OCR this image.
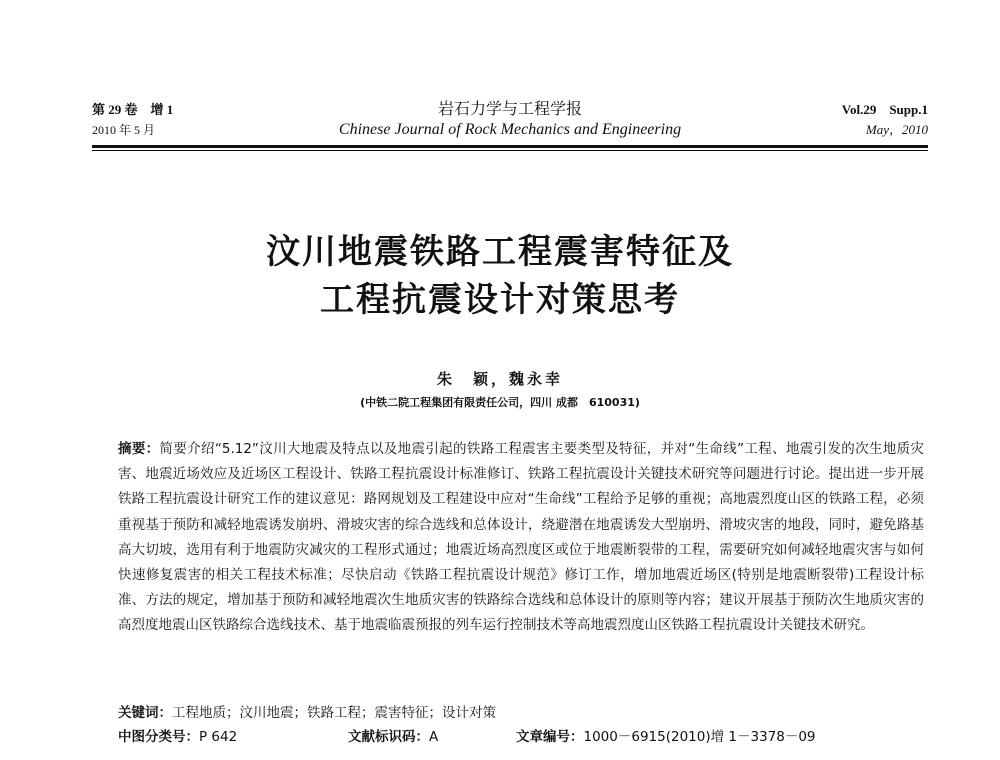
第 29 卷　增 1
2010 年 5 月
岩石力学与工程学报
Chinese Journal of Rock Mechanics and Engineering
Vol.29　Supp.1
May，2010
汶川地震铁路工程震害特征及
工程抗震设计对策思考
朱　颖，魏永幸
(中铁二院工程集团有限责任公司，四川 成都　610031)
摘要：简要介绍“5.12”汶川大地震及特点以及地震引起的铁路工程震害主要类型及特征，并对“生命线”工程、地震引发的次生地质灾害、地震近场效应及近场区工程设计、铁路工程抗震设计标准修订、铁路工程抗震设计关键技术研究等问题进行讨论。提出进一步开展铁路工程抗震设计研究工作的建议意见：路网规划及工程建设中应对“生命线”工程给予足够的重视；高地震烈度山区的铁路工程，必须重视基于预防和减轻地震诱发崩坍、滑坡灾害的综合选线和总体设计，绕避潜在地震诱发大型崩坍、滑坡灾害的地段，同时，避免路基高大切坡，选用有利于地震防灾减灾的工程形式通过；地震近场高烈度区或位于地震断裂带的工程，需要研究如何减轻地震灾害与如何快速修复震害的相关工程技术标准；尽快启动《铁路工程抗震设计规范》修订工作，增加地震近场区(特别是地震断裂带)工程设计标准、方法的规定，增加基于预防和减轻地震次生地质灾害的铁路综合选线和总体设计的原则等内容；建议开展基于预防次生地质灾害的高烈度地震山区铁路综合选线技术、基于地震临震预报的列车运行控制技术等高地震烈度山区铁路工程抗震设计关键技术研究。
关键词：工程地质；汶川地震；铁路工程；震害特征；设计对策
中图分类号：P 642	文献标识码：A	文章编号：1000－6915(2010)增 1－3378－09
